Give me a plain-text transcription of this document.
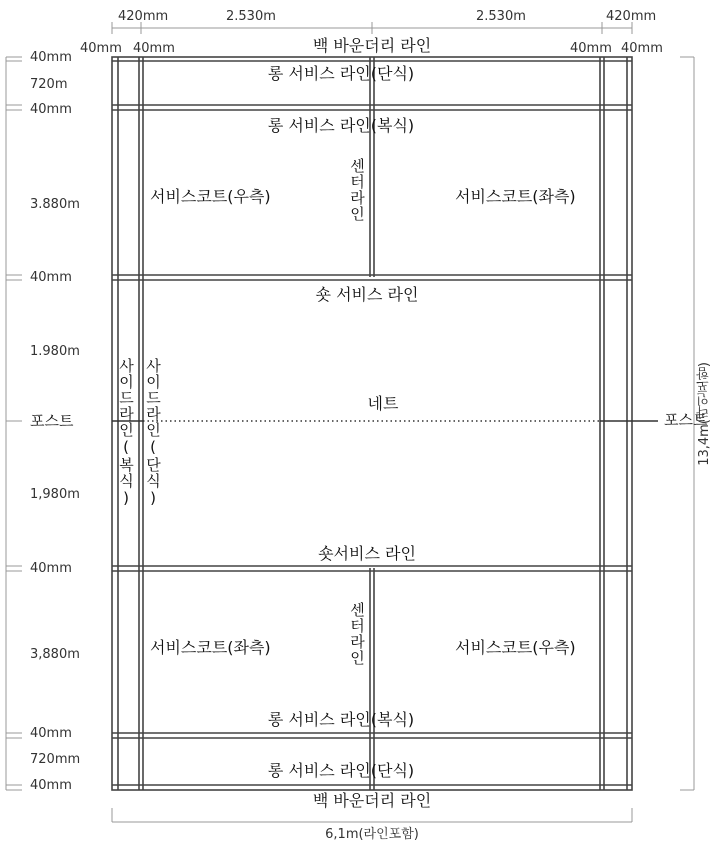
420mm	2.530m	2.530m	420mm
40mm 40mm	40mm 40mm
40mm
720m
40mm
3.880m
40mm
1.980m
포스트
1,980m
40mm
3,880m
40mm
720mm
40mm
포스트
13,4m(라인포함)
6,1m(라인포함)
백 바운더리 라인
롱 서비스 라인(단식)
롱 서비스 라인(복식)
서비스코트(우측)	서비스코트(좌측)
센터라인
숏 서비스 라인
사이드라인(복식) 사이드라인(단식)	네트
숏서비스 라인
센터라인
서비스코트(좌측)	서비스코트(우측)
롱 서비스 라인(복식)
롱 서비스 라인(단식)
백 바운더리 라인
